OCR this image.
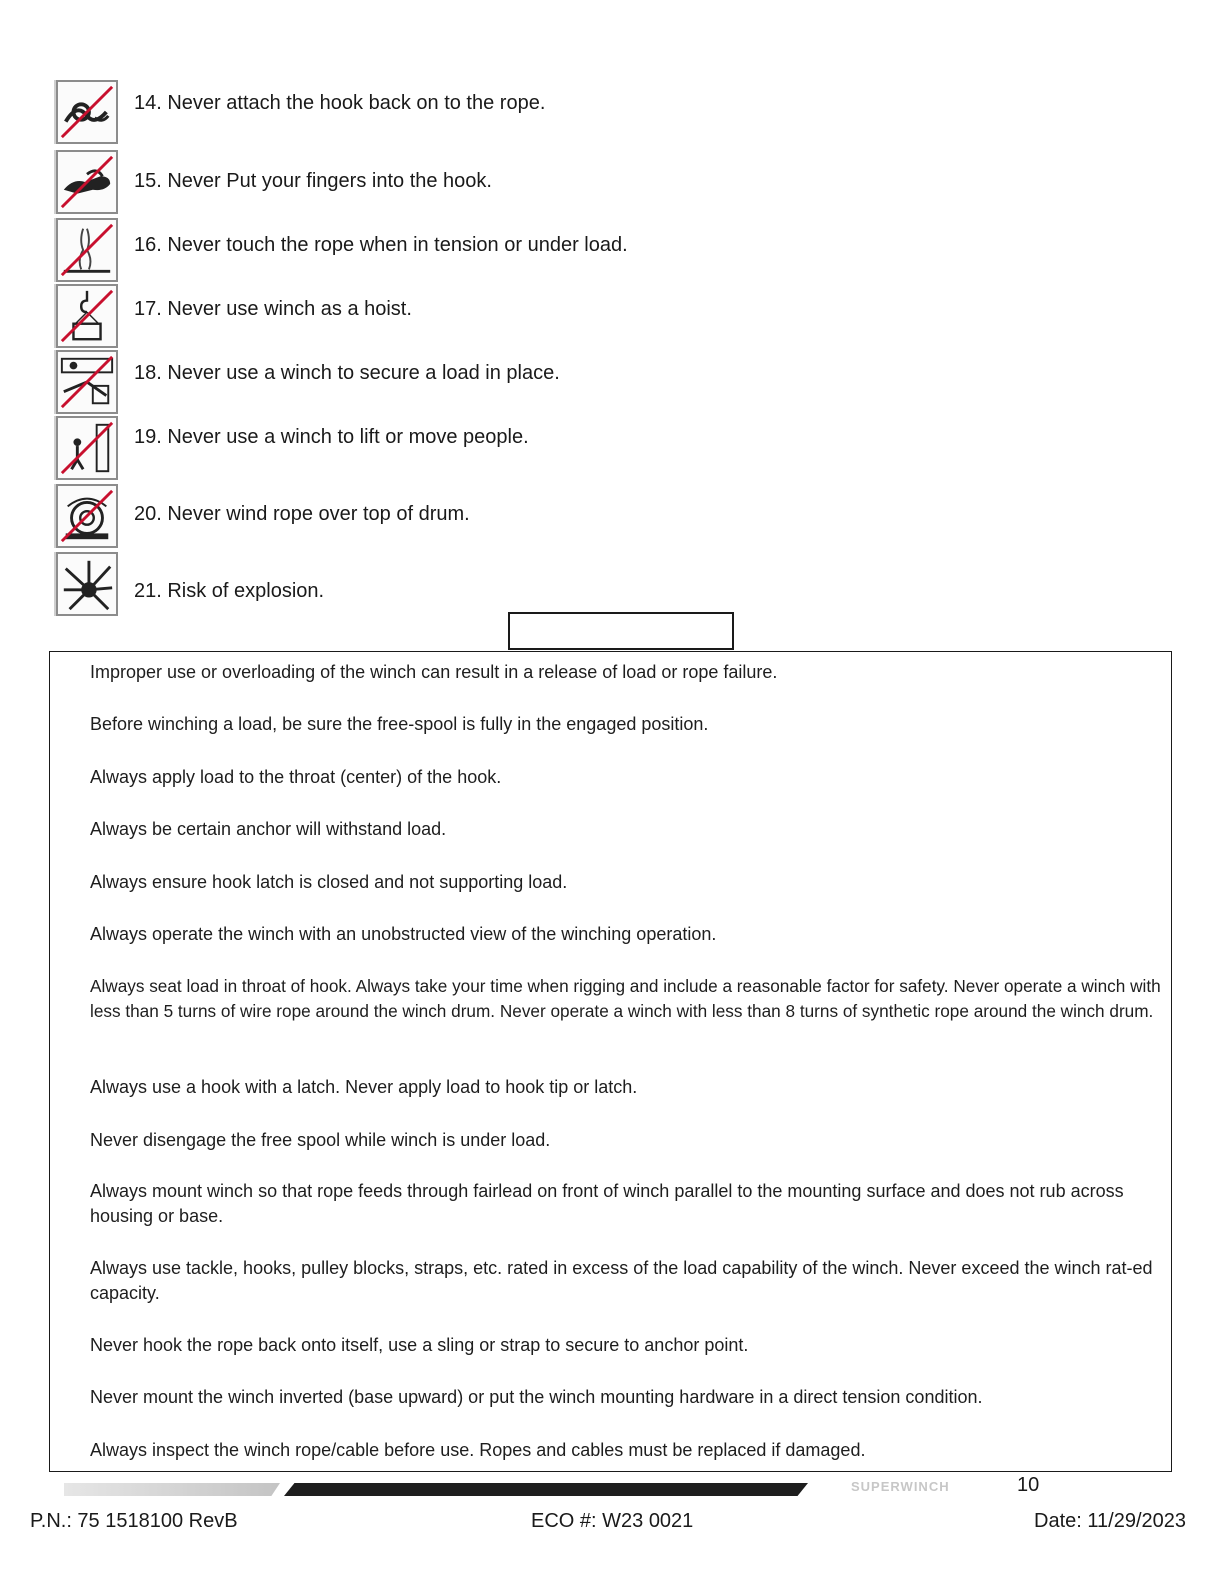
14. Never attach the hook back on to the rope.
15. Never Put your fingers into the hook.
16. Never touch the rope when in tension or under load.
17. Never use winch as a hoist.
18. Never use a winch to secure a load in place.
19. Never use a winch to lift or move people.
20. Never wind rope over top of drum.
21. Risk of explosion.

Improper use or overloading of the winch can result in a release of load or rope failure.

Before winching a load, be sure the free-spool is fully in the engaged position.

Always apply load to the throat (center) of the hook.

Always be certain anchor will withstand load.

Always ensure hook latch is closed and not supporting load.

Always operate the winch with an unobstructed view of the winching operation.

Always seat load in throat of hook. Always take your time when rigging and include a reasonable factor for safety. Never operate a winch with less than 5 turns of wire rope around the winch drum. Never operate a winch with less than 8 turns of synthetic rope around the winch drum.

Always use a hook with a latch. Never apply load to hook tip or latch.

Never disengage the free spool while winch is under load.

Always mount winch so that rope feeds through fairlead on front of winch parallel to the mounting surface and does not rub across housing or base.

Always use tackle, hooks, pulley blocks, straps, etc. rated in excess of the load capability of the winch. Never exceed the winch rat-ed capacity.

Never hook the rope back onto itself, use a sling or strap to secure to anchor point.

Never mount the winch inverted (base upward) or put the winch mounting hardware in a direct tension condition.

Always inspect the winch rope/cable before use. Ropes and cables must be replaced if damaged.

SUPERWINCH	10
P.N.: 75 1518100 RevB	ECO #: W23 0021	Date: 11/29/2023
